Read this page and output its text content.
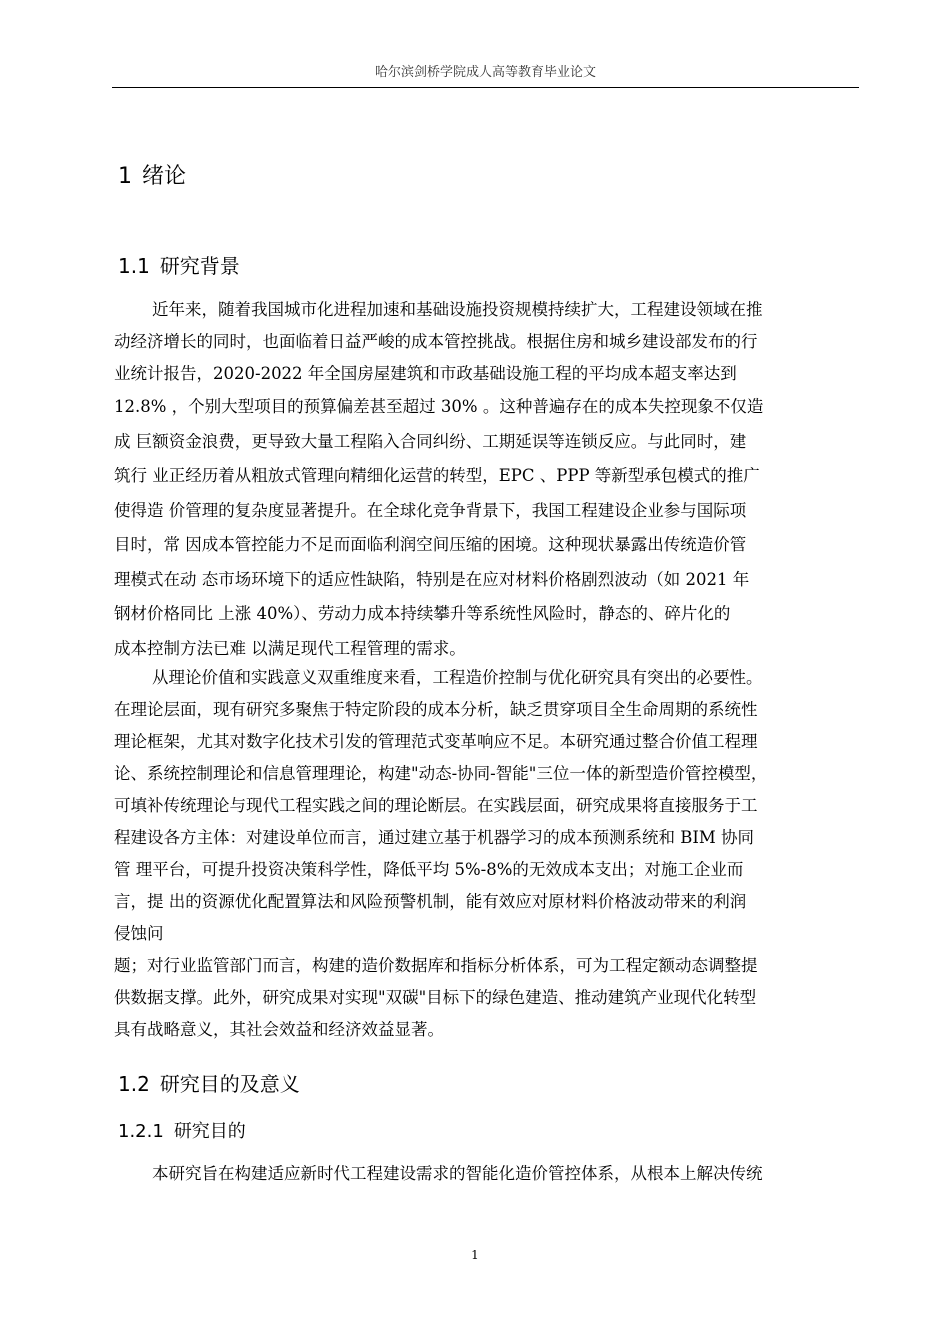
哈尔滨剑桥学院成人高等教育毕业论文
1 绪论
1.1 研究背景
近年来，随着我国城市化进程加速和基础设施投资规模持续扩大，工程建设领域在推
动经济增长的同时，也面临着日益严峻的成本管控挑战。根据住房和城乡建设部发布的行
业统计报告，2020-2022 年全国房屋建筑和市政基础设施工程的平均成本超支率达到
12.8% ，个别大型项目的预算偏差甚至超过 30% 。这种普遍存在的成本失控现象不仅造
成 巨额资金浪费，更导致大量工程陷入合同纠纷、工期延误等连锁反应。与此同时，建
筑行 业正经历着从粗放式管理向精细化运营的转型，EPC 、PPP 等新型承包模式的推广
使得造 价管理的复杂度显著提升。在全球化竞争背景下，我国工程建设企业参与国际项
目时，常 因成本管控能力不足而面临利润空间压缩的困境。这种现状暴露出传统造价管
理模式在动 态市场环境下的适应性缺陷，特别是在应对材料价格剧烈波动（如 2021 年
钢材价格同比 上涨 40%）、劳动力成本持续攀升等系统性风险时，静态的、碎片化的
成本控制方法已难 以满足现代工程管理的需求。
从理论价值和实践意义双重维度来看，工程造价控制与优化研究具有突出的必要性。
在理论层面，现有研究多聚焦于特定阶段的成本分析，缺乏贯穿项目全生命周期的系统性
理论框架，尤其对数字化技术引发的管理范式变革响应不足。本研究通过整合价值工程理
论、系统控制理论和信息管理理论，构建"动态-协同-智能"三位一体的新型造价管控模型，
可填补传统理论与现代工程实践之间的理论断层。在实践层面，研究成果将直接服务于工
程建设各方主体：对建设单位而言，通过建立基于机器学习的成本预测系统和 BIM 协同
管 理平台，可提升投资决策科学性，降低平均 5%-8%的无效成本支出；对施工企业而
言，提 出的资源优化配置算法和风险预警机制，能有效应对原材料价格波动带来的利润
侵蚀问
题；对行业监管部门而言，构建的造价数据库和指标分析体系，可为工程定额动态调整提
供数据支撑。此外，研究成果对实现"双碳"目标下的绿色建造、推动建筑产业现代化转型
具有战略意义，其社会效益和经济效益显著。
1.2 研究目的及意义
1.2.1 研究目的
本研究旨在构建适应新时代工程建设需求的智能化造价管控体系，从根本上解决传统
1
